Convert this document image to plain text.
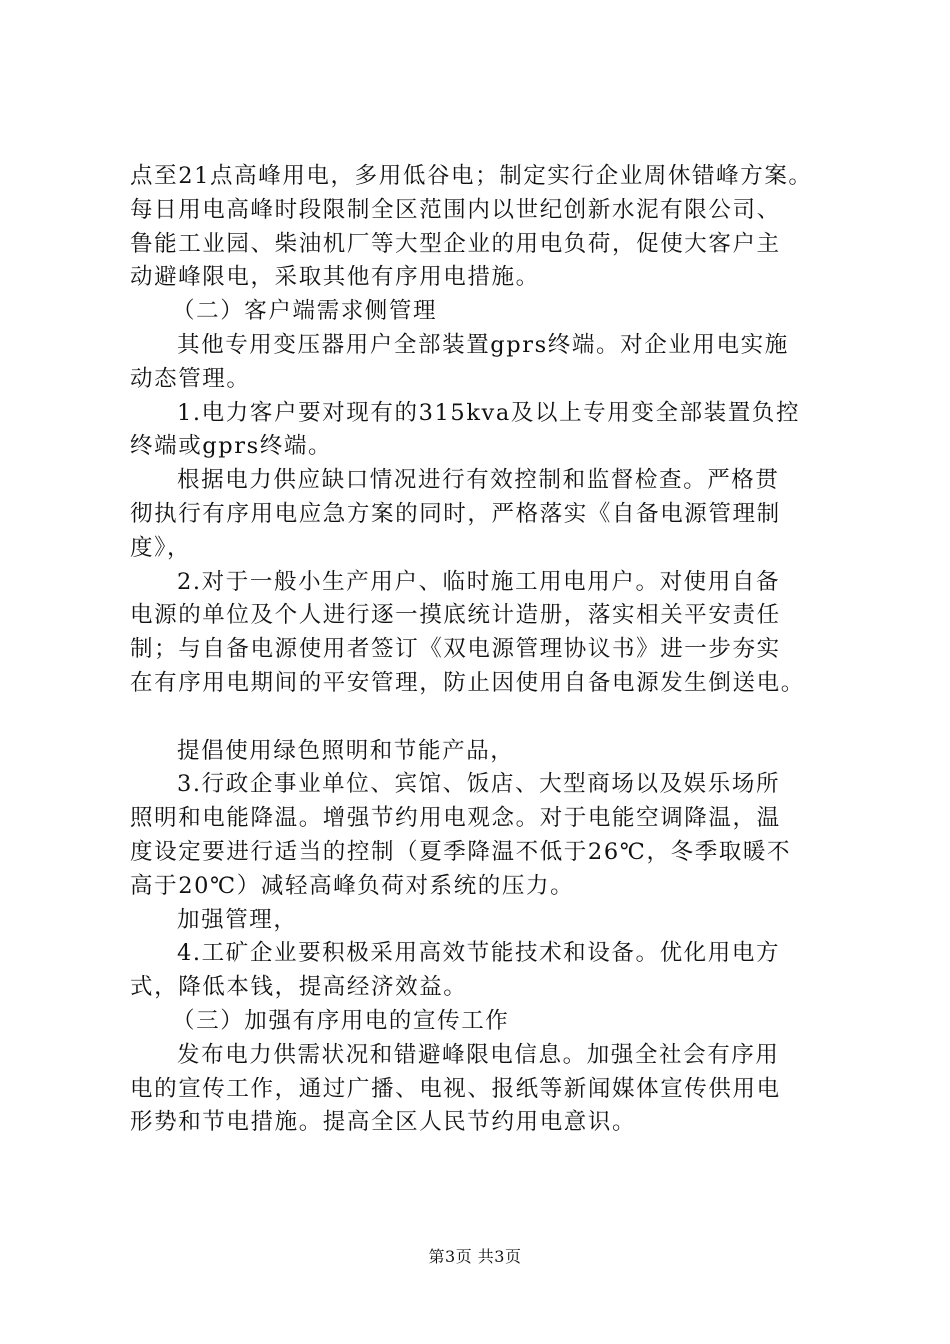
点至21点高峰用电，多用低谷电；制定实行企业周休错峰方案。
每日用电高峰时段限制全区范围内以世纪创新水泥有限公司、
鲁能工业园、柴油机厂等大型企业的用电负荷，促使大客户主
动避峰限电，采取其他有序用电措施。
（二）客户端需求侧管理
其他专用变压器用户全部装置gprs终端。对企业用电实施
动态管理。
1.电力客户要对现有的315kva及以上专用变全部装置负控
终端或gprs终端。
根据电力供应缺口情况进行有效控制和监督检查。严格贯
彻执行有序用电应急方案的同时，严格落实《自备电源管理制
度》，
2.对于一般小生产用户、临时施工用电用户。对使用自备
电源的单位及个人进行逐一摸底统计造册，落实相关平安责任
制；与自备电源使用者签订《双电源管理协议书》进一步夯实
在有序用电期间的平安管理，防止因使用自备电源发生倒送电。
提倡使用绿色照明和节能产品，
3.行政企事业单位、宾馆、饭店、大型商场以及娱乐场所
照明和电能降温。增强节约用电观念。对于电能空调降温，温
度设定要进行适当的控制（夏季降温不低于26℃，冬季取暖不
高于20℃）减轻高峰负荷对系统的压力。
加强管理，
4.工矿企业要积极采用高效节能技术和设备。优化用电方
式，降低本钱，提高经济效益。
（三）加强有序用电的宣传工作
发布电力供需状况和错避峰限电信息。加强全社会有序用
电的宣传工作，通过广播、电视、报纸等新闻媒体宣传供用电
形势和节电措施。提高全区人民节约用电意识。
第3页 共3页
